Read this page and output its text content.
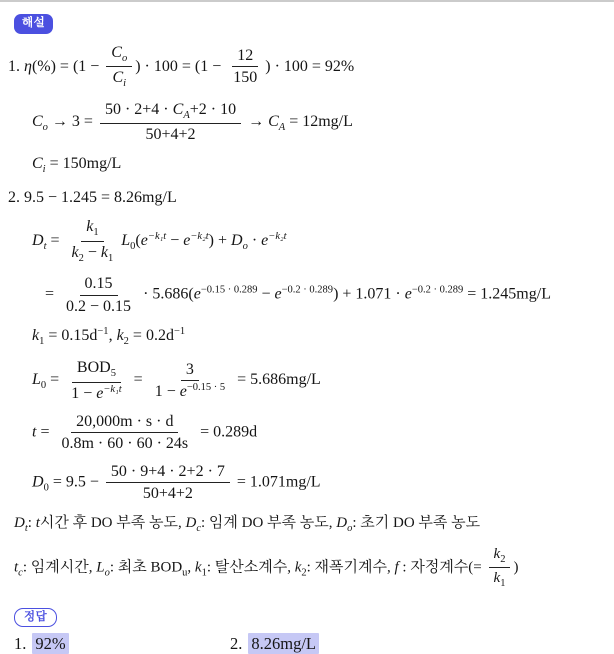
해설
1. $\eta(\%) = (1 - \frac{C_o}{C_i}$ ) · $100 = (1 - \frac{12}{150}$ ) · 100 = 92%
$C_o \to 3 = \frac{50 \cdot 2+4 \cdot C_A+2 \cdot 10}{50+4+2} \to C_A = 12mg/L$
$C_i = 150mg/L$
2. 9.5 − 1.245 = 8.26mg/L
$D_t = \frac{k_1}{k_2 - k_1} L_0(e^{-k_1t} - e^{-k_2t}) + D_o \cdot e^{-k_2t}$
= $\frac{0.15}{0.2 - 0.15} \cdot 5.686(e^{-0.15 \cdot 0.289} - e^{-0.2 \cdot 0.289}) + 1.071 \cdot e^{-0.2 \cdot 0.289} = 1.245mg/L$
$k_1 = 0.15d^{-1}$, $k_2 = 0.2d^{-1}$
$L_0 = \frac{BOD_5}{1 - e^{-k_1t}} = \frac{3}{1 - e^{-0.15 \cdot 5}} = 5.686mg/L$
$t = \frac{20,000m \cdot s \cdot d}{0.8m \cdot 60 \cdot 60 \cdot 24s} = 0.289d$
$D_0 = 9.5 - \frac{50 \cdot 9+4 \cdot 2+2 \cdot 7}{50+4+2} = 1.071mg/L$
$D_t$: t시간 후 DO 부족 농도, $D_c$: 임계 DO 부족 농도, $D_o$: 초기 DO 부족 농도
$t_c$: 임계시간, $L_o$: 최초 $BOD_u$, $k_1$: 탈산소계수, $k_2$: 재폭기계수, f : 자정계수(= $\frac{k_2}{k_1}$ )
정답
1. 92%	2. 8.26mg/L
